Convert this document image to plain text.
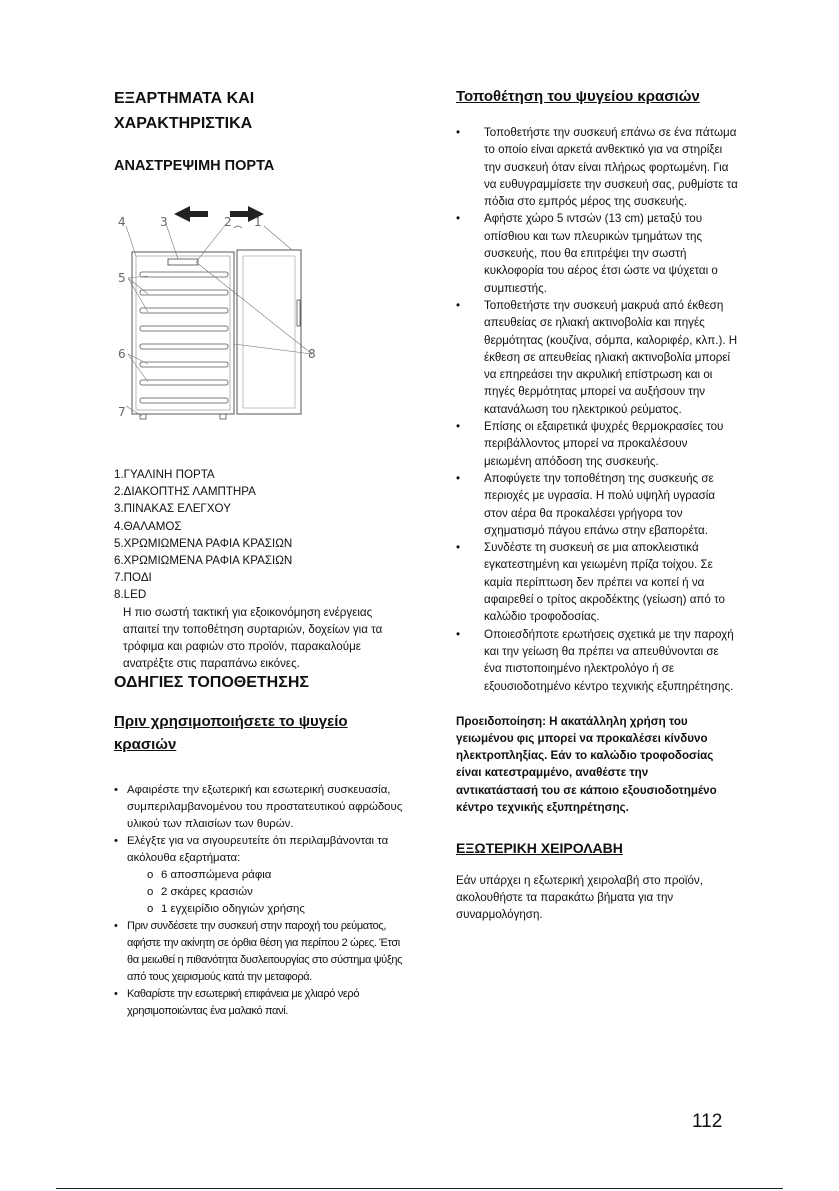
ΕΞΑΡΤΗΜΑΤΑ ΚΑΙ
ΧΑΡΑΚΤΗΡΙΣΤΙΚΑ
ΑΝΑΣΤΡΕΨΙΜΗ ΠΟΡΤΑ
4	3	2 1
5
6
7
8
1.ΓΥΑΛΙΝΗ ΠΟΡΤΑ
2.ΔΙΑΚΟΠΤΗΣ ΛΑΜΠΤΗΡΑ
3.ΠΙΝΑΚΑΣ ΕΛΕΓΧΟΥ
4.ΘΑΛΑΜΟΣ
5.ΧΡΩΜΙΩΜΕΝΑ ΡΑΦΙΑ ΚΡΑΣΙΩΝ
6.ΧΡΩΜΙΩΜΕΝΑ ΡΑΦΙΑ ΚΡΑΣΙΩΝ
7.ΠΟΔΙ
8.LED

Η πιο σωστή τακτική για εξοικονόμηση ενέργειας απαιτεί την τοποθέτηση συρταριών, δοχείων για τα τρόφιμα και ραφιών στο προϊόν, παρακαλούμε ανατρέξτε στις παραπάνω εικόνες.

ΟΔΗΓΙΕΣ ΤΟΠΟΘΕΤΗΣΗΣ
Πριν χρησιμοποιήσετε το ψυγείο κρασιών
• Αφαιρέστε την εξωτερική και εσωτερική συσκευασία, συμπεριλαμβανομένου του προστατευτικού αφρώδους υλικού των πλαισίων των θυρών.
• Ελέγξτε για να σιγουρευτείτε ότι περιλαμβάνονται τα ακόλουθα εξαρτήματα:
o 6 αποσπώμενα ράφια
o 2 σκάρες κρασιών
o 1 εγχειρίδιο οδηγιών χρήσης
• Πριν συνδέσετε την συσκευή στην παροχή του ρεύματος, αφήστε την ακίνητη σε όρθια θέση για περίπου 2 ώρες. Έτσι θα μειωθεί η πιθανότητα δυσλειτουργίας στο σύστημα ψύξης από τους χειρισμούς κατά την μεταφορά.
• Καθαρίστε την εσωτερική επιφάνεια με χλιαρό νερό χρησιμοποιώντας ένα μαλακό πανί.
Τοποθέτηση του ψυγείου κρασιών
• Τοποθετήστε την συσκευή επάνω σε ένα πάτωμα το οποίο είναι αρκετά ανθεκτικό για να στηρίξει την συσκευή όταν είναι πλήρως φορτωμένη. Για να ευθυγραμμίσετε την συσκευή σας, ρυθμίστε τα πόδια στο εμπρός μέρος της συσκευής.
• Αφήστε χώρο 5 ιντσών (13 cm) μεταξύ του οπίσθιου και των πλευρικών τμημάτων της συσκευής, που θα επιτρέψει την σωστή κυκλοφορία του αέρος έτσι ώστε να ψύχεται ο συμπιεστής.
• Τοποθετήστε την συσκευή μακρυά από έκθεση απευθείας σε ηλιακή ακτινοβολία και πηγές θερμότητας (κουζίνα, σόμπα, καλοριφέρ, κλπ.). Η έκθεση σε απευθείας ηλιακή ακτινοβολία μπορεί να επηρεάσει την ακρυλική επίστρωση και οι πηγές θερμότητας μπορεί να αυξήσουν την κατανάλωση του ηλεκτρικού ρεύματος.
• Επίσης οι εξαιρετικά ψυχρές θερμοκρασίες του περιβάλλοντος μπορεί να προκαλέσουν μειωμένη απόδοση της συσκευής.
• Αποφύγετε την τοποθέτηση της συσκευής σε περιοχές με υγρασία. Η πολύ υψηλή υγρασία στον αέρα θα προκαλέσει γρήγορα τον σχηματισμό πάγου επάνω στην εβαπορέτα.
• Συνδέστε τη συσκευή σε μια αποκλειστικά εγκατεστημένη και γειωμένη πρίζα τοίχου. Σε καμία περίπτωση δεν πρέπει να κοπεί ή να αφαιρεθεί ο τρίτος ακροδέκτης (γείωση) από το καλώδιο τροφοδοσίας.
• Οποιεσδήποτε ερωτήσεις σχετικά με την παροχή και την γείωση θα πρέπει να απευθύνονται σε ένα πιστοποιημένο ηλεκτρολόγο ή σε εξουσιοδοτημένο κέντρο τεχνικής εξυπηρέτησης.

Προειδοποίηση: Η ακατάλληλη χρήση του γειωμένου φις μπορεί να προκαλέσει κίνδυνο ηλεκτροπληξίας. Εάν το καλώδιο τροφοδοσίας είναι κατεστραμμένο, αναθέστε την αντικατάστασή του σε κάποιο εξουσιοδοτημένο κέντρο τεχνικής εξυπηρέτησης.

ΕΞΩΤΕΡΙΚΗ ΧΕΙΡΟΛΑΒΗ

Εάν υπάρχει η εξωτερική χειρολαβή στο προϊόν, ακολουθήστε τα παρακάτω βήματα για την συναρμολόγηση.

112
